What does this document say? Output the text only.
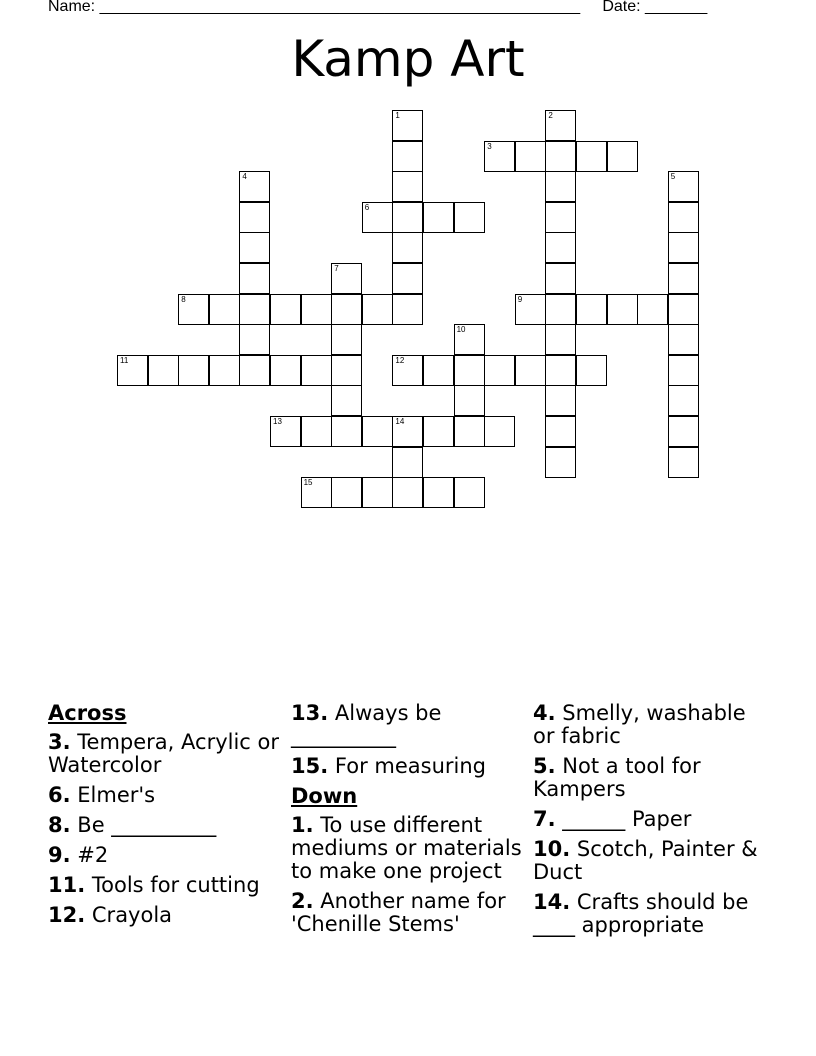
Name: ______________________________________________________     Date: _______
Kamp Art
1	2
3
4	5
6
7
8	9
10
11	12
13	14
15
Across
3. Tempera, Acrylic or Watercolor
6. Elmer's
8. Be __________
9. #2
11. Tools for cutting
12. Crayola
13. Always be __________
15. For measuring
Down
1. To use different mediums or materials to make one project
2. Another name for 'Chenille Stems'
4. Smelly, washable or fabric
5. Not a tool for Kampers
7. ______ Paper
10. Scotch, Painter & Duct
14. Crafts should be ____ appropriate
